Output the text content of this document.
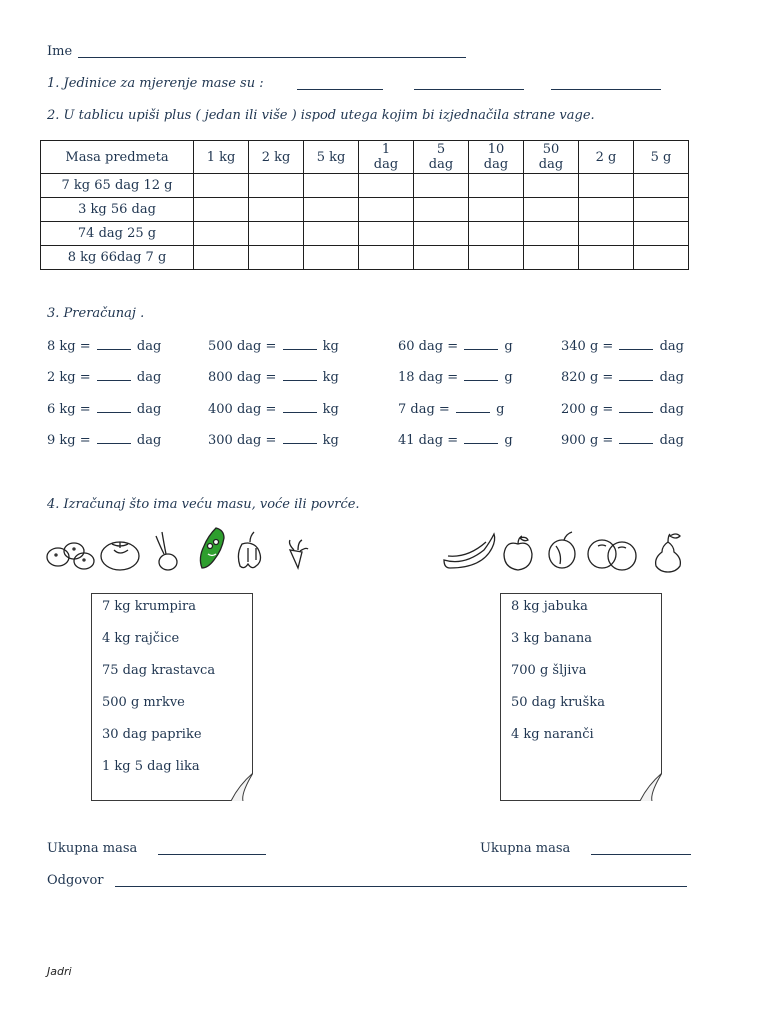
Ime
1. Jedinice za mjerenje mase su :
2. U tablicu upiši plus ( jedan ili više ) ispod utega kojim bi izjednačila strane vage.
Masa predmeta	1 kg	2 kg	5 kg	1 dag	5 dag	10 dag	50 dag	2 g	5 g
7 kg 65 dag 12 g									
3 kg 56 dag									
74 dag 25 g									
8 kg 66dag 7 g									
3. Preračunaj .
8 kg =	dag
2 kg =	dag
6 kg =	dag
9 kg =	dag
500 dag =	kg
800 dag =	kg
400 dag =	kg
300 dag =	kg
60 dag =	g
18 dag =	g
7 dag =	g
41 dag =	g
340 g =	dag
820 g =	dag
200 g =	dag
900 g =	dag
4. Izračunaj što ima veću masu, voće ili povrće.
7 kg krumpira
4 kg rajčice
75 dag krastavca
500 g mrkve
30 dag paprike
1 kg 5 dag lika
8 kg jabuka
3 kg banana
700 g šljiva
50 dag kruška
4 kg naranči
Ukupna masa	Ukupna masa
Odgovor
Jadri
